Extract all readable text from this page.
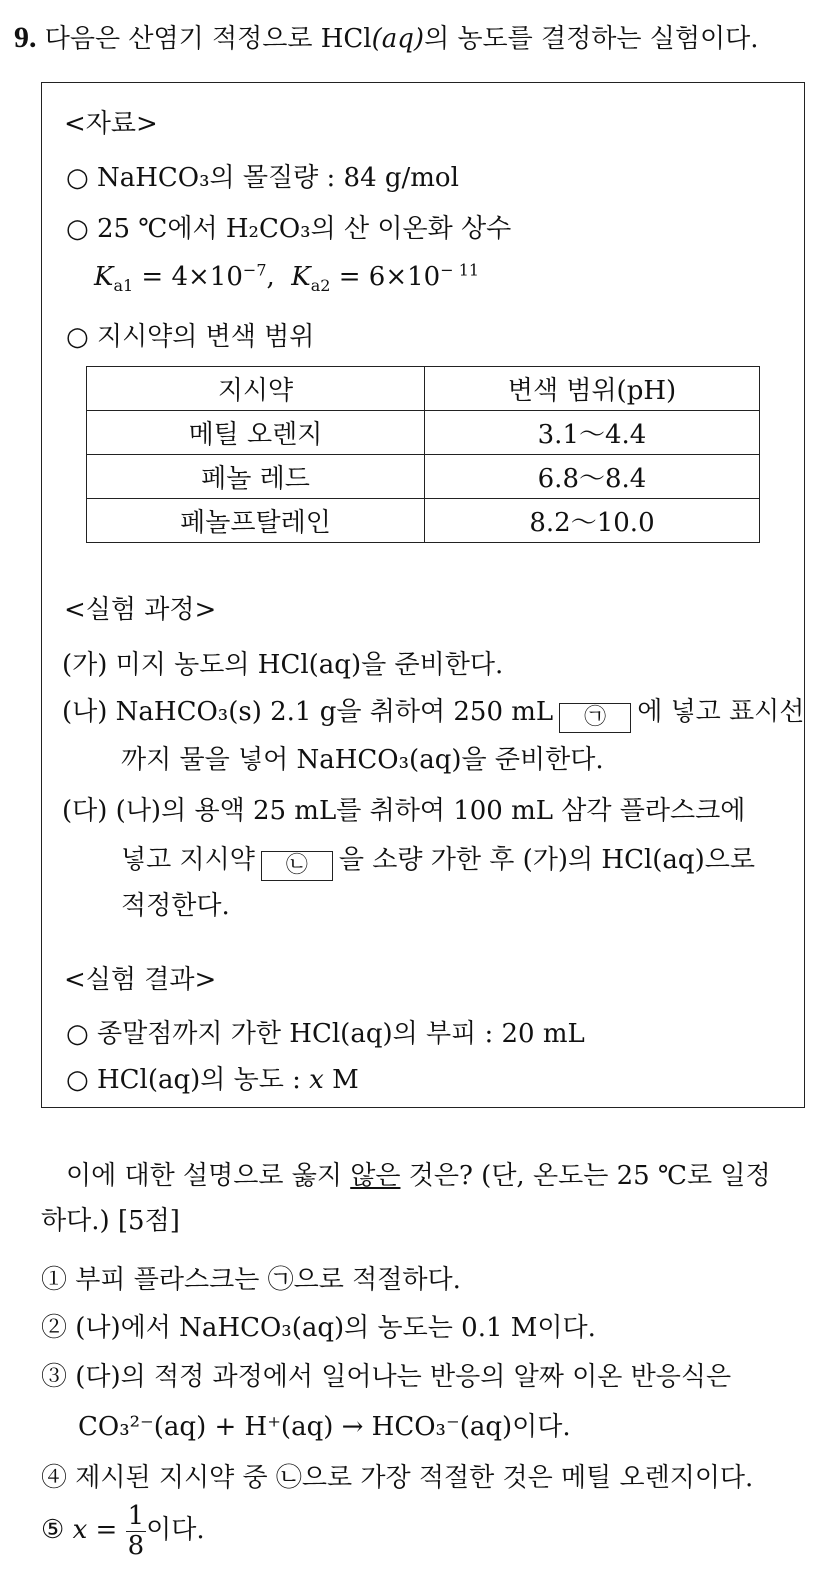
9. 다음은 산염기 적정으로 HCl(aq)의 농도를 결정하는 실험이다.
<자료>
○ NaHCO₃의 몰질량 : 84 g/mol
○ 25 ℃에서 H₂CO₃의 산 이온화 상수
$K_{a1} = 4\times 10^{-7}$,  $K_{a2} = 6\times 10^{- 11}$
○ 지시약의 변색 범위
지시약	변색 범위(pH)
메틸 오렌지	3.1～4.4
페놀 레드	6.8～8.4
페놀프탈레인	8.2～10.0
<실험 과정>
(가) 미지 농도의 HCl(aq)을 준비한다.
(나) NaHCO₃(s) 2.1 g을 취하여 250 mL ㉠ 에 넣고 표시선
까지 물을 넣어 NaHCO₃(aq)을 준비한다.
(다) (나)의 용액 25 mL를 취하여 100 mL 삼각 플라스크에
넣고 지시약 ㉡ 을 소량 가한 후 (가)의 HCl(aq)으로
적정한다.
<실험 결과>
○ 종말점까지 가한 HCl(aq)의 부피 : 20 mL
○ HCl(aq)의 농도 : x M
이에 대한 설명으로 옳지 않은 것은? (단, 온도는 25 ℃로 일정
하다.) [5점]
① 부피 플라스크는 ㉠으로 적절하다.
② (나)에서 NaHCO₃(aq)의 농도는 0.1 M이다.
③ (다)의 적정 과정에서 일어나는 반응의 알짜 이온 반응식은
CO₃²⁻(aq) + H⁺(aq) → HCO₃⁻(aq)이다.
④ 제시된 지시약 중 ㉡으로 가장 적절한 것은 메틸 오렌지이다.
⑤ $x = \frac{1}{8}$ 이다.
